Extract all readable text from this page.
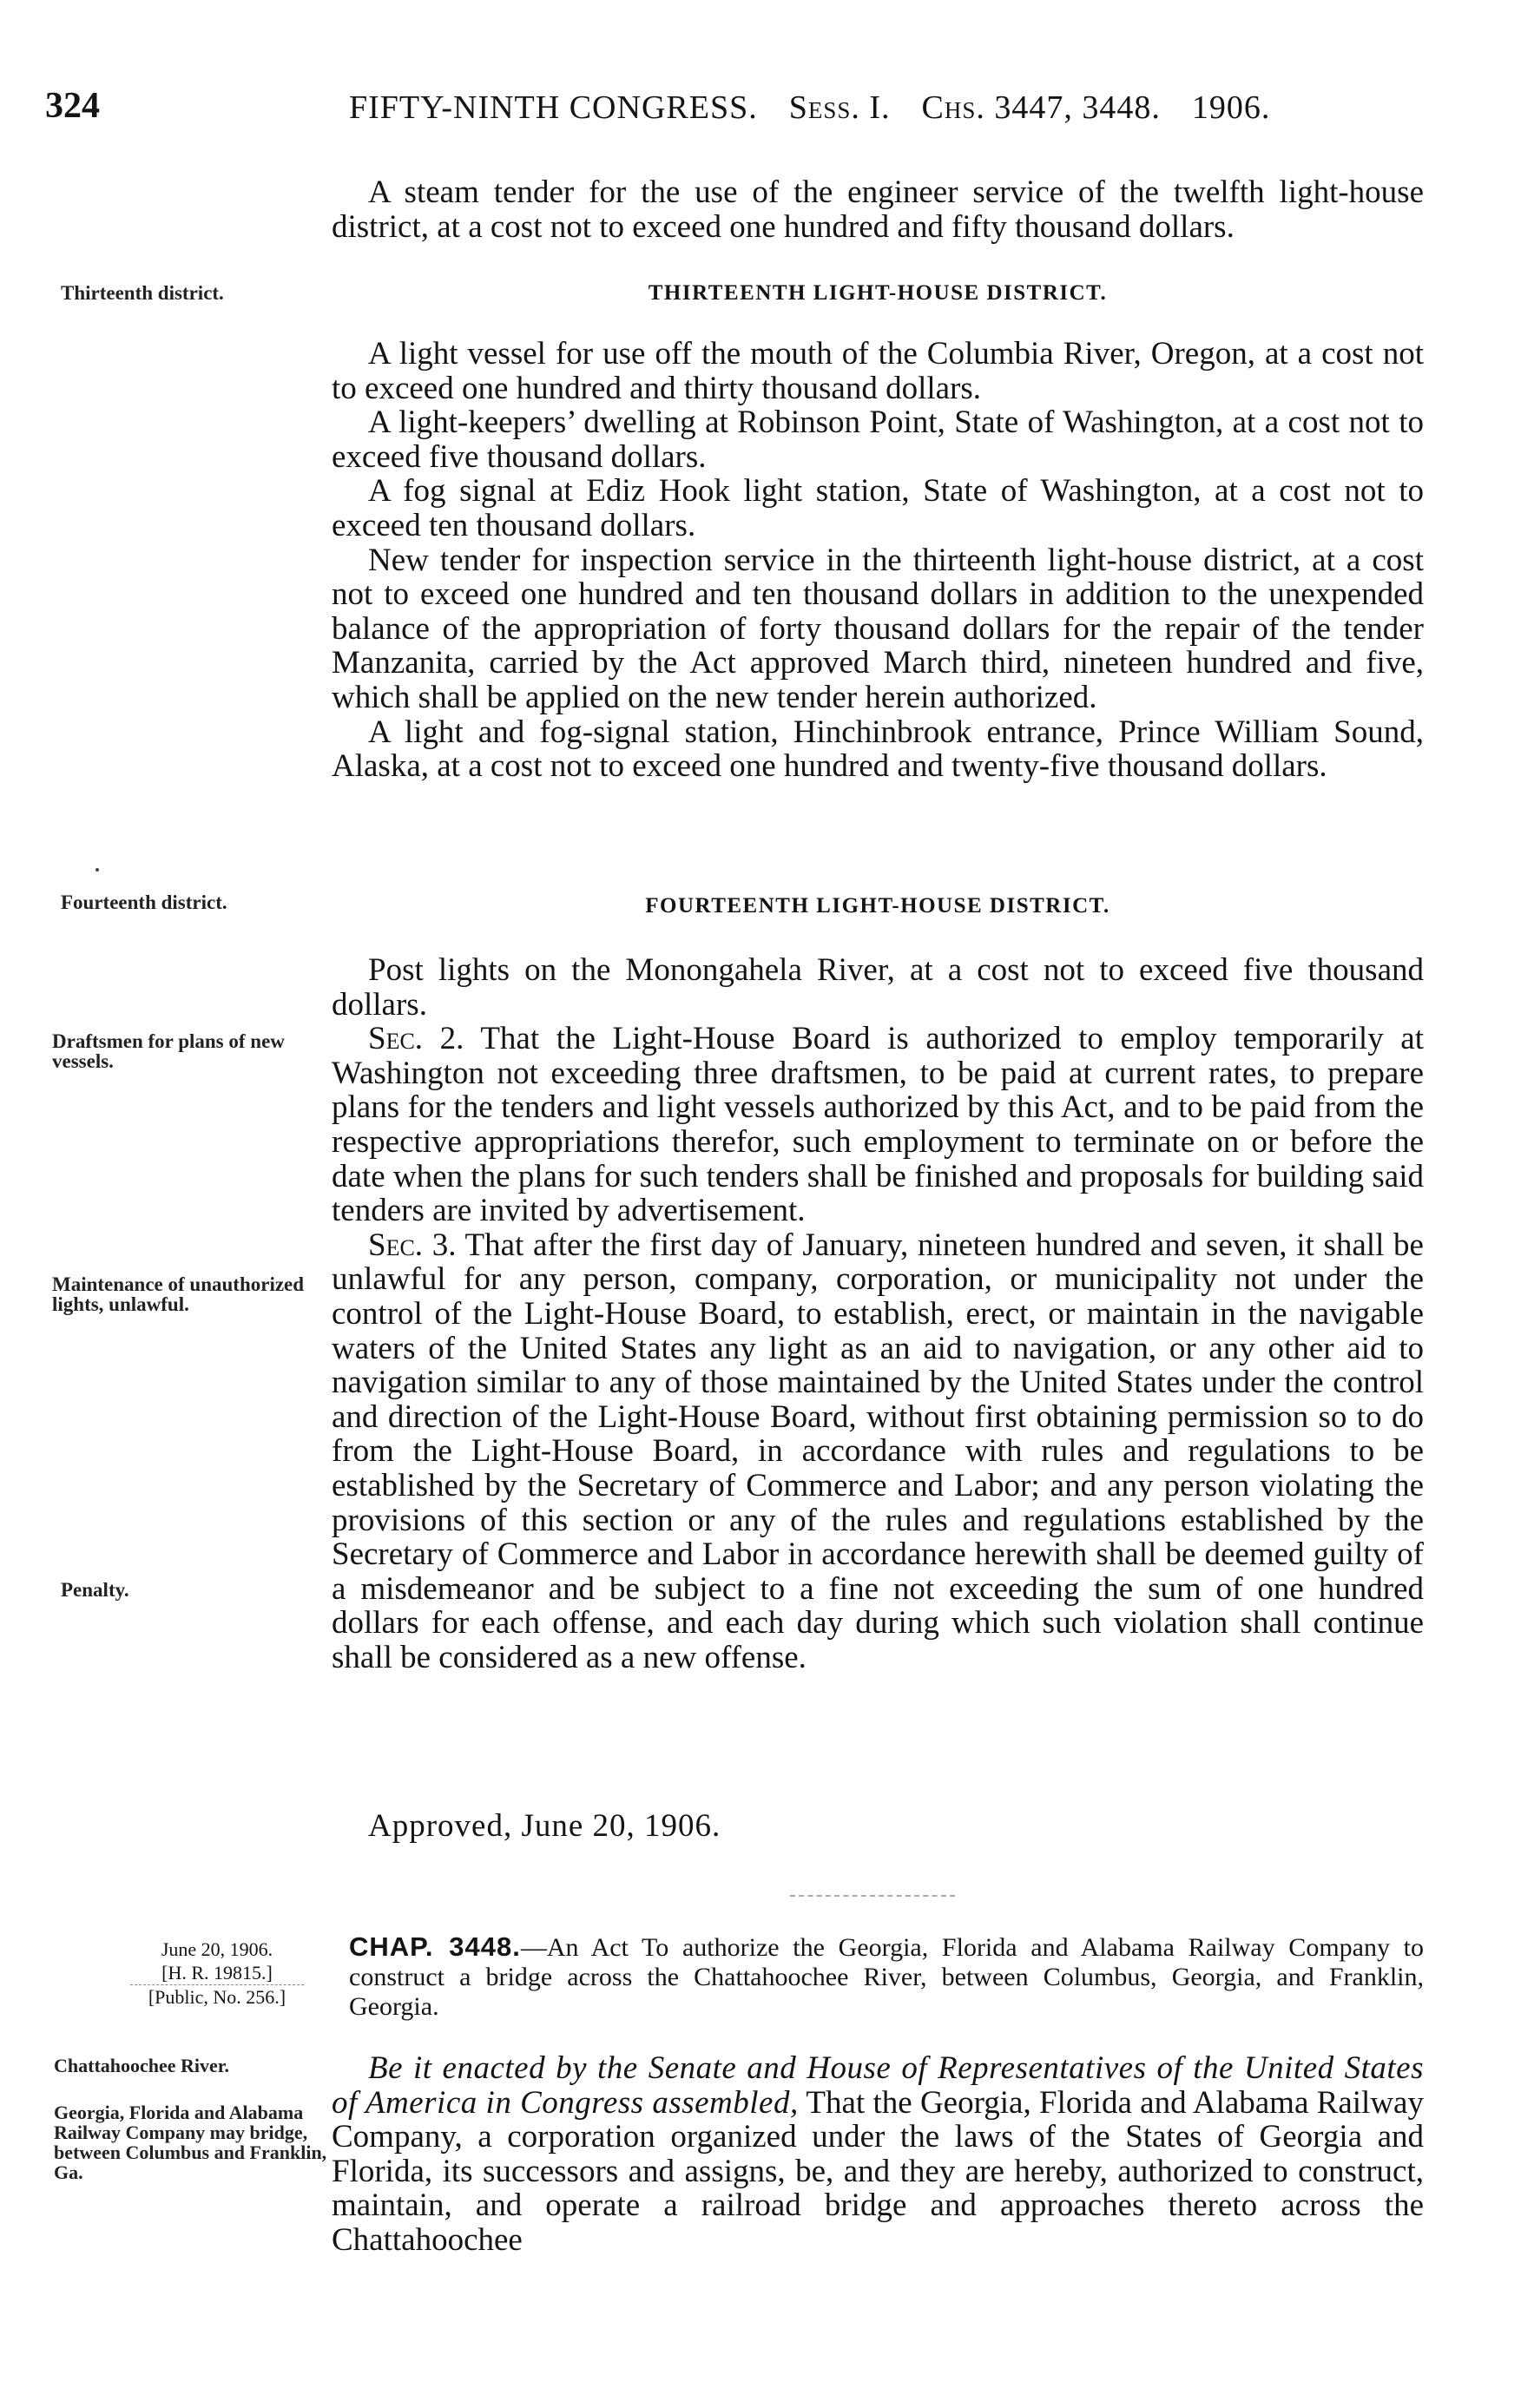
324	FIFTY-NINTH CONGRESS. Sess. I. Chs. 3447, 3448. 1906.

A steam tender for the use of the engineer service of the twelfth light-house district, at a cost not to exceed one hundred and fifty thousand dollars.

Thirteenth district.	THIRTEENTH LIGHT-HOUSE DISTRICT.

A light vessel for use off the mouth of the Columbia River, Oregon, at a cost not to exceed one hundred and thirty thousand dollars.

A light-keepers’ dwelling at Robinson Point, State of Washington, at a cost not to exceed five thousand dollars.

A fog signal at Ediz Hook light station, State of Washington, at a cost not to exceed ten thousand dollars.

New tender for inspection service in the thirteenth light-house district, at a cost not to exceed one hundred and ten thousand dollars in addition to the unexpended balance of the appropriation of forty thousand dollars for the repair of the tender Manzanita, carried by the Act approved March third, nineteen hundred and five, which shall be applied on the new tender herein authorized.

A light and fog-signal station, Hinchinbrook entrance, Prince William Sound, Alaska, at a cost not to exceed one hundred and twenty-five thousand dollars.

Fourteenth district.	FOURTEENTH LIGHT-HOUSE DISTRICT.

Post lights on the Monongahela River, at a cost not to exceed five thousand dollars.

Sec. 2. That the Light-House Board is authorized to employ temporarily at Washington not exceeding three draftsmen, to be paid at current rates, to prepare plans for the tenders and light vessels authorized by this Act, and to be paid from the respective appropriations therefor, such employment to terminate on or before the date when the plans for such tenders shall be finished and proposals for building said tenders are invited by advertisement.

Sec. 3. That after the first day of January, nineteen hundred and seven, it shall be unlawful for any person, company, corporation, or municipality not under the control of the Light-House Board, to establish, erect, or maintain in the navigable waters of the United States any light as an aid to navigation, or any other aid to navigation similar to any of those maintained by the United States under the control and direction of the Light-House Board, without first obtaining permission so to do from the Light-House Board, in accordance with rules and regulations to be established by the Secretary of Commerce and Labor; and any person violating the provisions of this section or any of the rules and regulations established by the Secretary of Commerce and Labor in accordance herewith shall be deemed guilty of a misdemeanor and be subject to a fine not exceeding the sum of one hundred dollars for each offense, and each day during which such violation shall continue shall be considered as a new offense.

Draftsmen for plans of new vessels.
Maintenance of unauthorized lights, unlawful.
Penalty.
Approved, June 20, 1906.
June 20, 1906.
[H. R. 19815.]
[Public, No. 256.]
CHAP. 3448.—An Act To authorize the Georgia, Florida and Alabama Railway Company to construct a bridge across the Chattahoochee River, between Columbus, Georgia, and Franklin, Georgia.
Chattahoochee River.
Georgia, Florida and Alabama Railway Company may bridge, between Columbus and Franklin, Ga.

Be it enacted by the Senate and House of Representatives of the United States of America in Congress assembled, That the Georgia, Florida and Alabama Railway Company, a corporation organized under the laws of the States of Georgia and Florida, its successors and assigns, be, and they are hereby, authorized to construct, maintain, and operate a railroad bridge and approaches thereto across the Chattahoochee
